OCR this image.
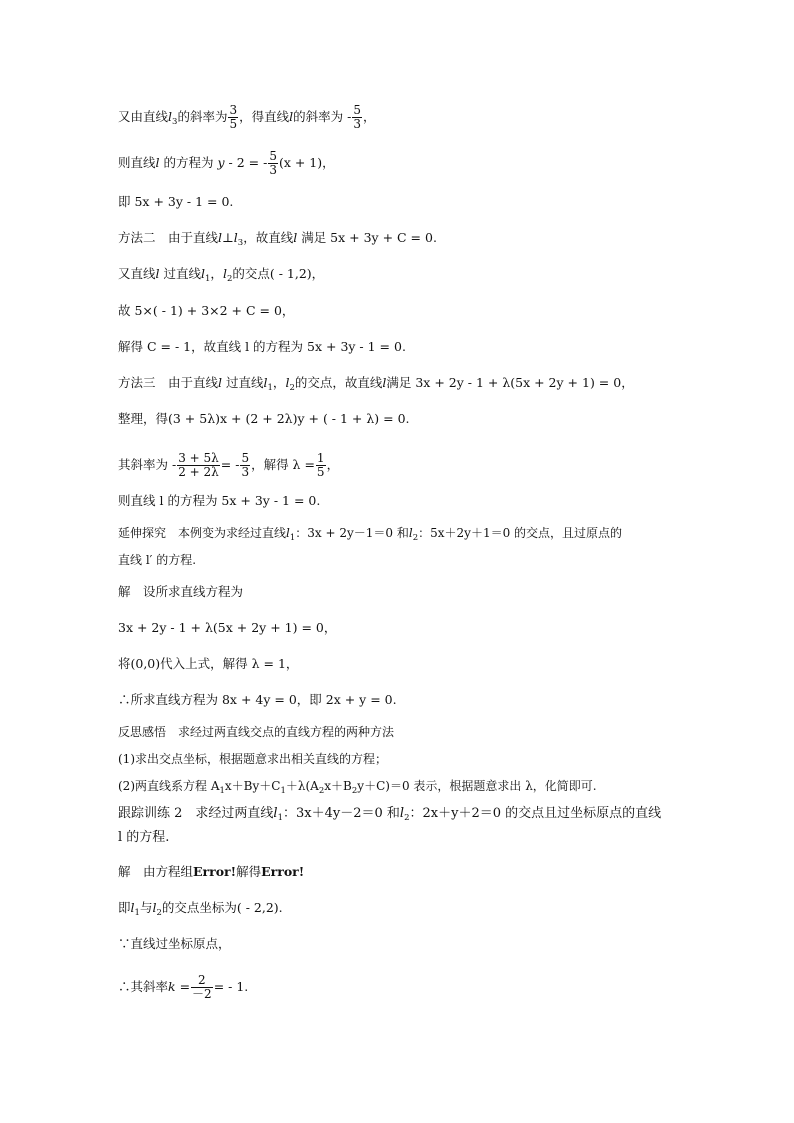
又由直线$l_3$的斜率为 $\frac{3}{5}$ ，得直线l的斜率为 - $\frac{5}{3}$ ，
则直线l 的方程为 y - 2 = - $\frac{5}{3} (x + 1)$，
即 5x + 3y - 1 = 0.
方法二　由于直线$l\perp l_3$，故直线l 满足 5x + 3y + C = 0.
又直线l 过直线$l_1$，$l_2$的交点( - 1,2)，
故 5×( - 1) + 3×2 + C = 0，
解得 C = - 1，故直线 l 的方程为 5x + 3y - 1 = 0.
方法三　由于直线l 过直线$l_1$，$l_2$的交点，故直线l满足 3x + 2y - 1 + λ(5x + 2y + 1) = 0，
整理，得(3 + 5λ)x + (2 + 2λ)y + ( - 1 + λ) = 0.
其斜率为 - $\frac{3 + 5\lambda}{2 + 2\lambda}$ = - $\frac{5}{3}$ ，解得 $\lambda = \frac{1}{5}$ ，
则直线 l 的方程为 5x + 3y - 1 = 0.
延伸探究　本例变为求经过直线$l_1$：3x + 2y－1＝0 和$l_2$：5x＋2y＋1＝0 的交点，且过原点的
直线 l′ 的方程.
解　设所求直线方程为
3x + 2y - 1 + λ(5x + 2y + 1) = 0，
将(0,0)代入上式，解得 λ = 1，
∴所求直线方程为 8x + 4y = 0，即 2x + y = 0.
反思感悟　求经过两直线交点的直线方程的两种方法
(1)求出交点坐标，根据题意求出相关直线的方程；
(2)两直线系方程 $A_1x+By+C_1+\lambda(A_2x+B_2y+C)=0$ 表示，根据题意求出 λ，化简即可.
跟踪训练 2　求经过两直线$l_1$：3x＋4y－2＝0 和$l_2$：2x＋y＋2＝0 的交点且过坐标原点的直线
l 的方程.
解　由方程组Error!解得Error!
即$l_1$与$l_2$的交点坐标为( - 2,2).
∵直线过坐标原点，
∴其斜率$k = \frac{2}{-2}$ = - 1.
